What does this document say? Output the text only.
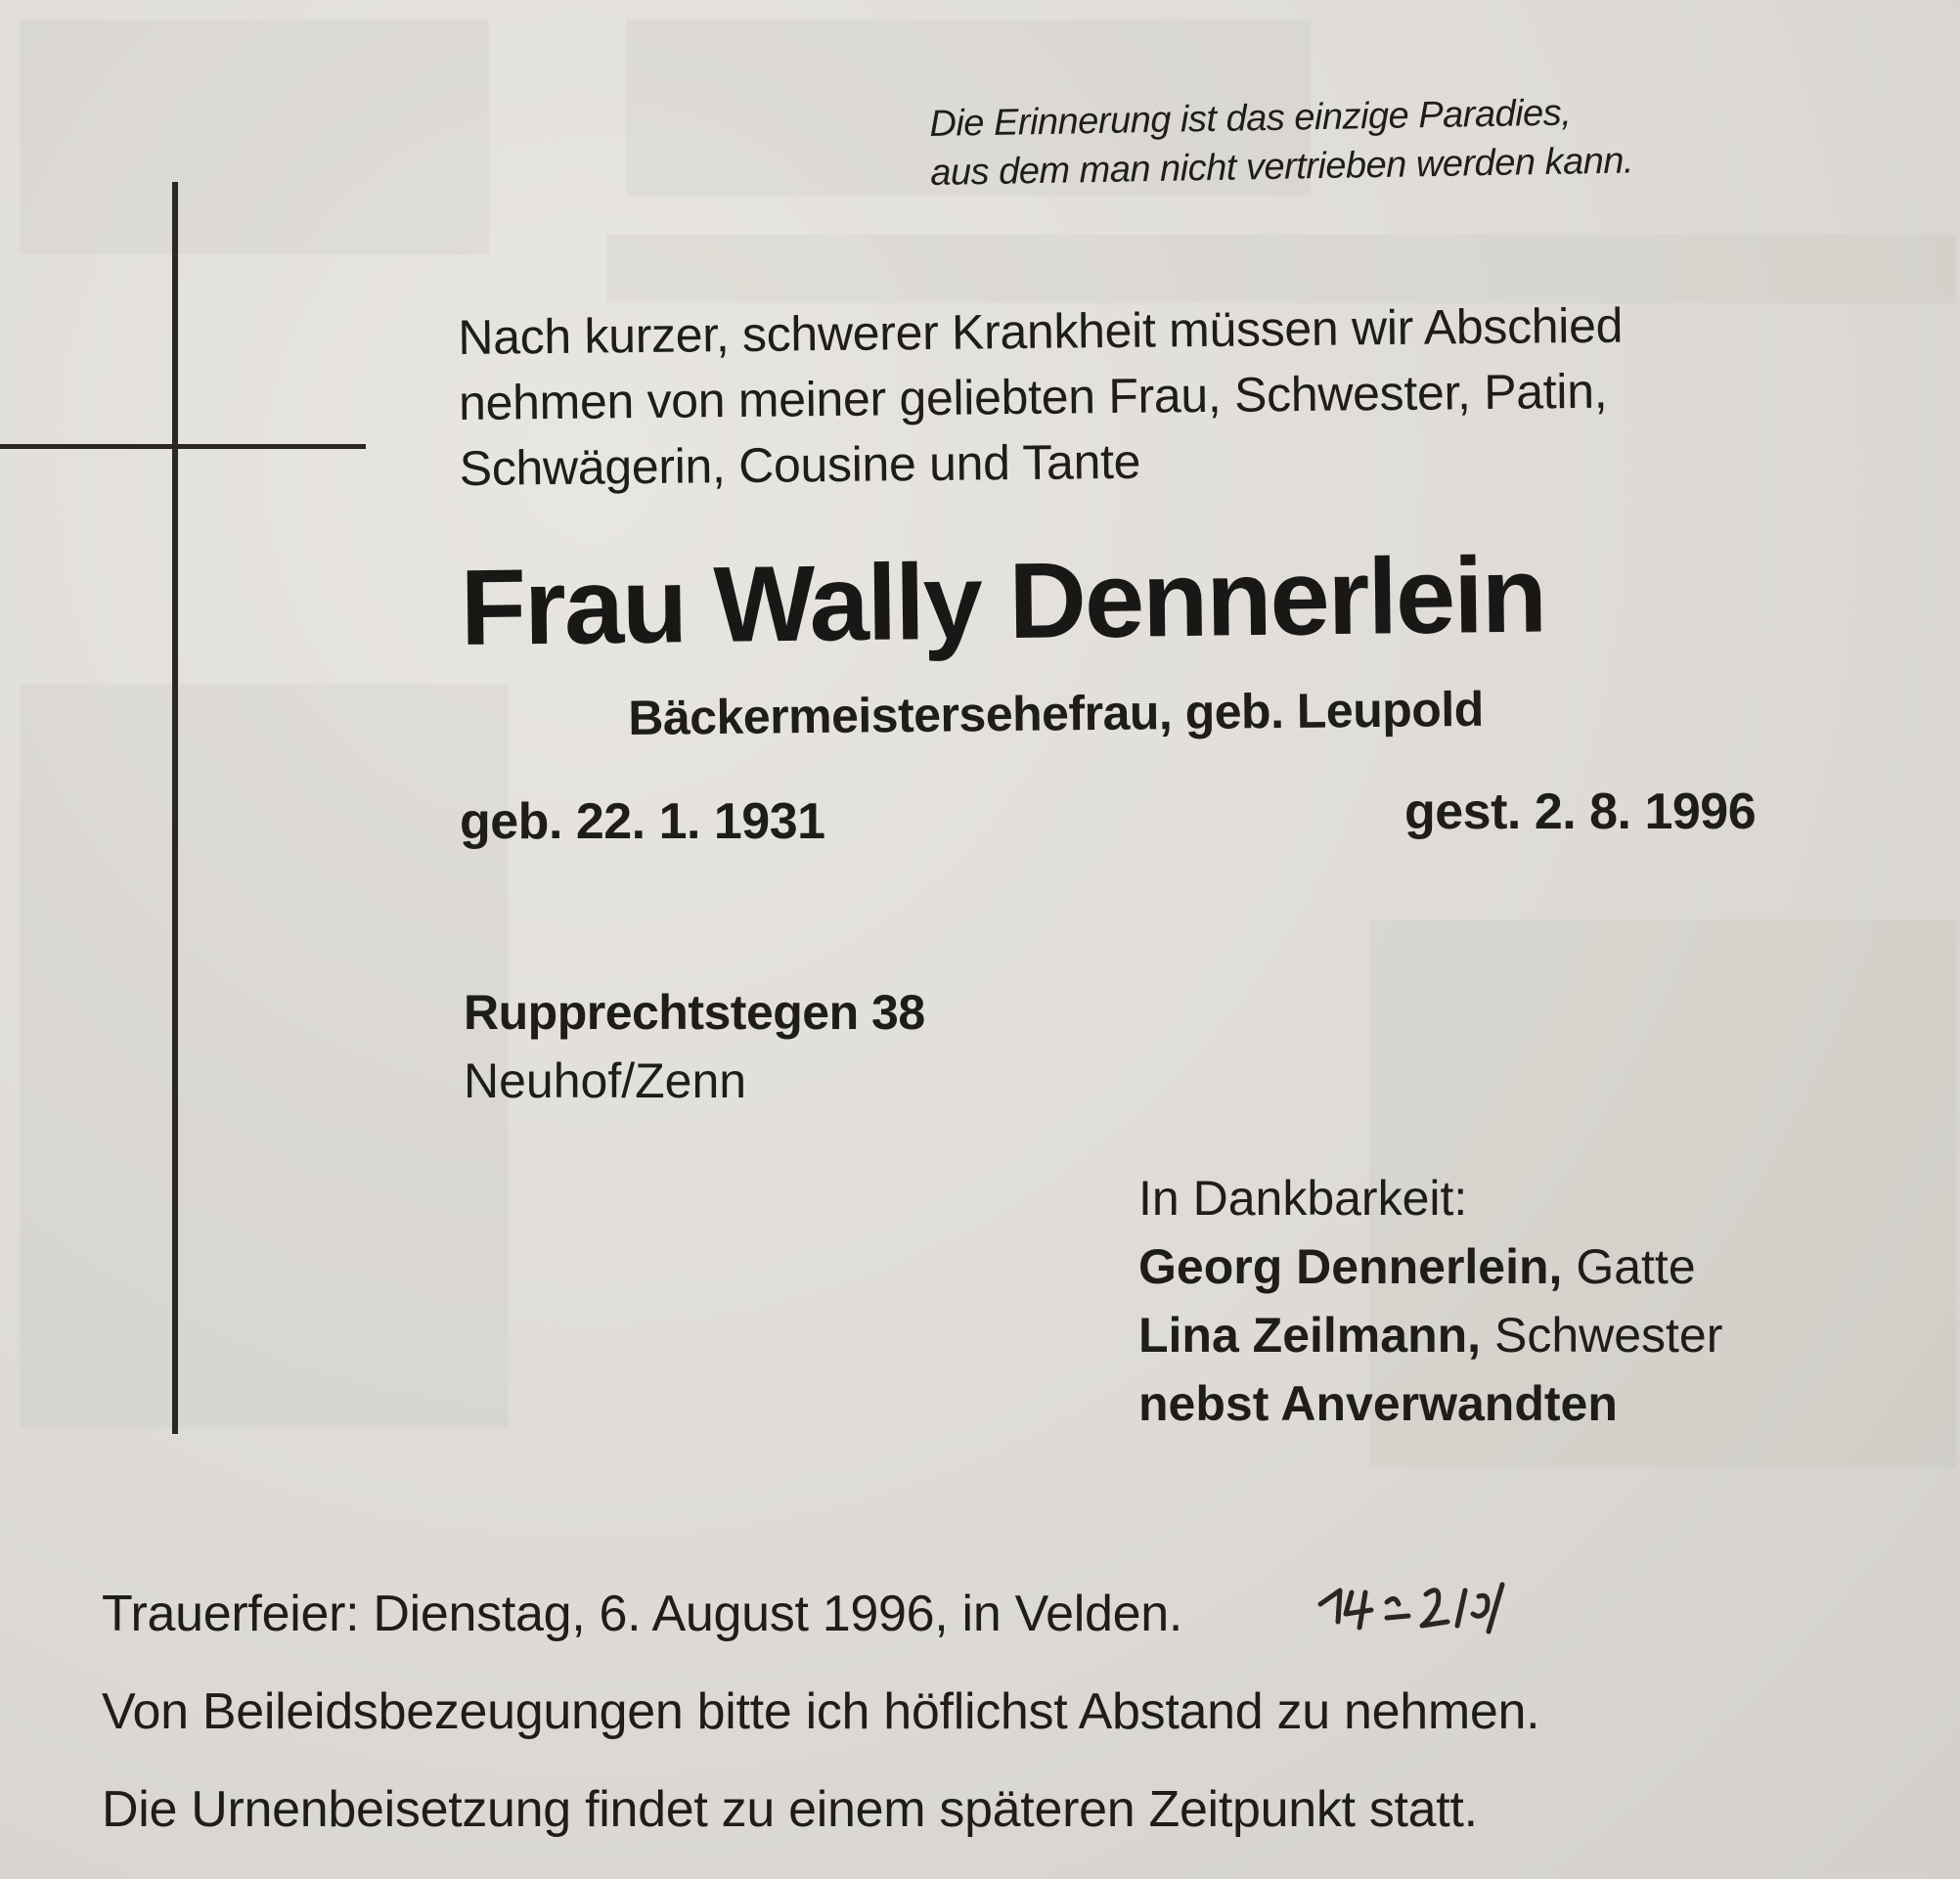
Die Erinnerung ist das einzige Paradies,
aus dem man nicht vertrieben werden kann.
Nach kurzer, schwerer Krankheit müssen wir Abschied
nehmen von meiner geliebten Frau, Schwester, Patin,
Schwägerin, Cousine und Tante
Frau Wally Dennerlein
Bäckermeistersehefrau, geb. Leupold
geb. 22. 1. 1931	gest. 2. 8. 1996
Rupprechtstegen 38
Neuhof/Zenn
In Dankbarkeit:
Georg Dennerlein, Gatte
Lina Zeilmann, Schwester
nebst Anverwandten
Trauerfeier: Dienstag, 6. August 1996, in Velden.
Von Beileidsbezeugungen bitte ich höflichst Abstand zu nehmen.
Die Urnenbeisetzung findet zu einem späteren Zeitpunkt statt.
